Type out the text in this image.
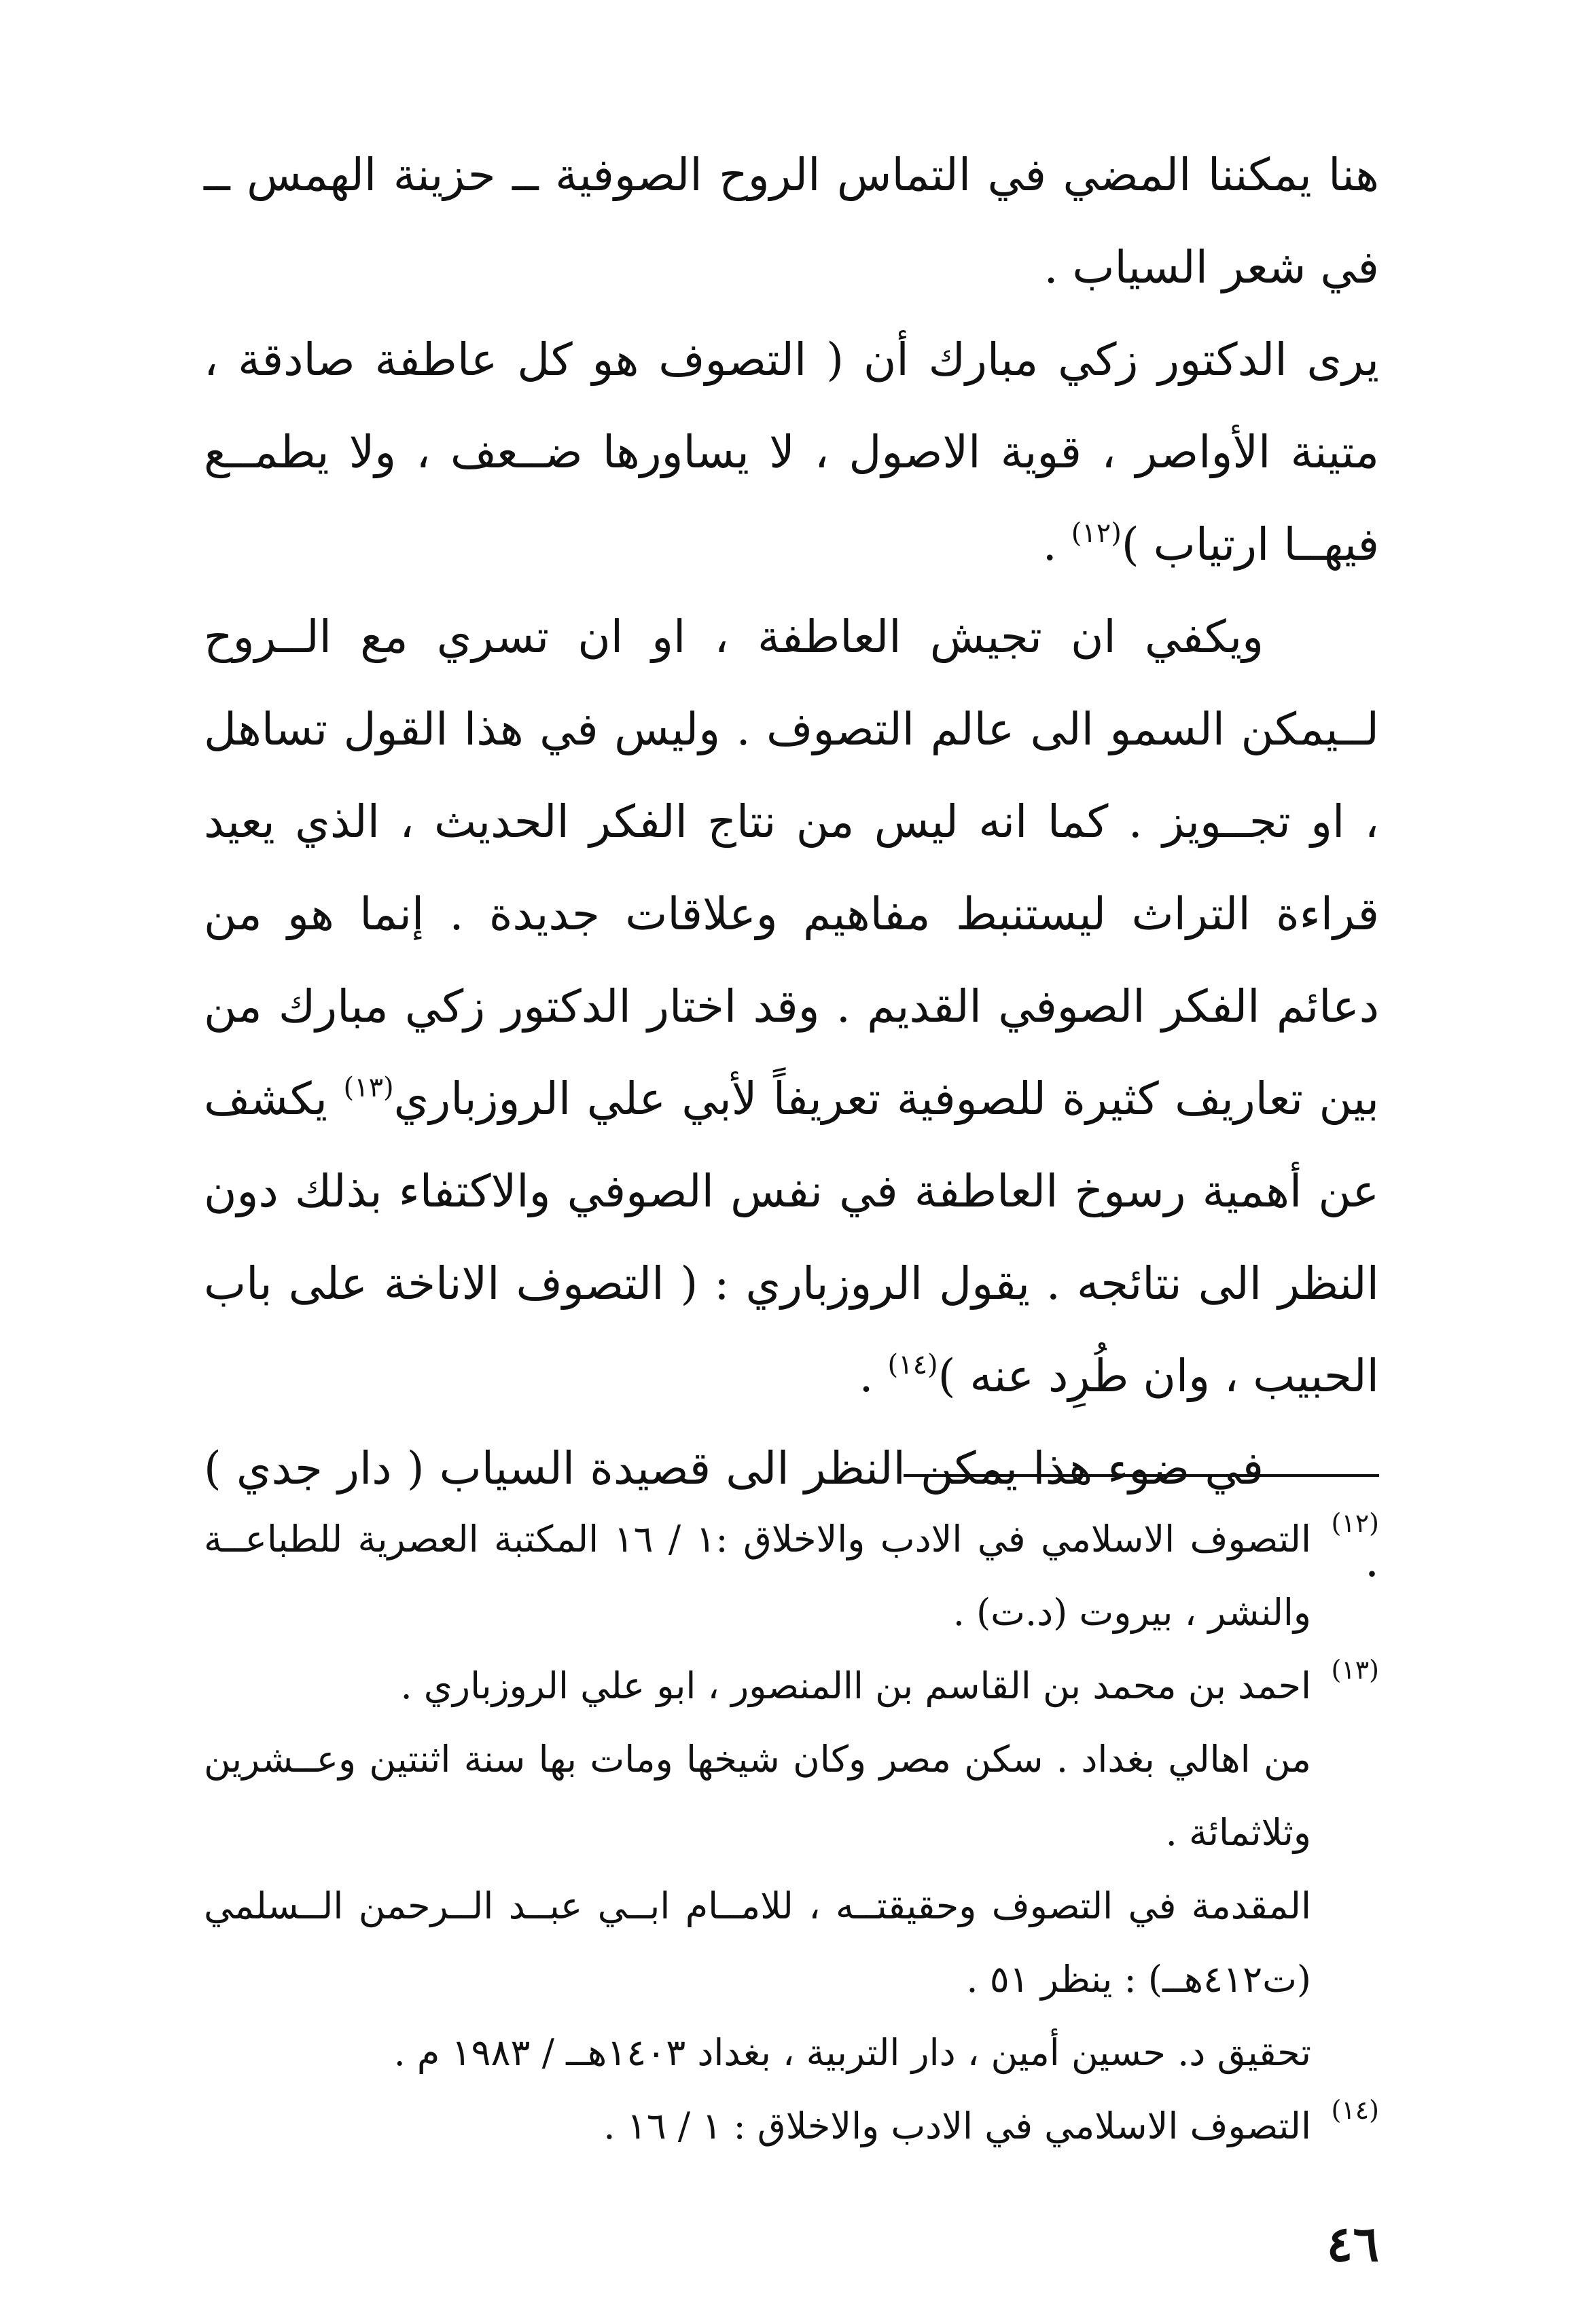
هنا يمكننا المضي في التماس الروح الصوفية ــ حزينة الهمس ــ في شعر السياب .

يرى الدكتور زكي مبارك أن ( التصوف هو كل عاطفة صادقة ، متينة الأواصر ، قوية الاصول ، لا يساورها ضــعف ، ولا يطمــع فيهــا ارتياب )$^{(١٢)}$ .

ويكفي ان تجيش العاطفة ، او ان تسري مع الــروح لــيمكن السمو الى عالم التصوف . وليس في هذا القول تساهل ، او تجــويز . كما انه ليس من نتاج الفكر الحديث ، الذي يعيد قراءة التراث ليستنبط مفاهيم وعلاقات جديدة . إنما هو من دعائم الفكر الصوفي القديم . وقد اختار الدكتور زكي مبارك من بين تعاريف كثيرة للصوفية تعريفاً لأبي علي الروزباري$^{(١٣)}$ يكشف عن أهمية رسوخ العاطفة في نفس الصوفي والاكتفاء بذلك دون النظر الى نتائجه . يقول الروزباري : ( التصوف الاناخة على باب الحبيب ، وان طُرِد عنه )$^{(١٤)}$ .

في ضوء هذا يمكن النظر الى قصيدة السياب ( دار جدي ) .

(١٢)

التصوف الاسلامي في الادب والاخلاق :١ / ١٦ المكتبة العصرية للطباعــة والنشر ، بيروت (د.ت) .

(١٣)

احمد بن محمد بن القاسم بن االمنصور ، ابو علي الروزباري .

من اهالي بغداد . سكن مصر وكان شيخها ومات بها سنة اثنتين وعــشرين وثلاثمائة .

المقدمة في التصوف وحقيقتــه ، للامــام ابــي عبــد الــرحمن الــسلمي (ت٤١٢هــ) : ينظر ٥١ .

تحقيق د. حسين أمين ، دار التربية ، بغداد ١٤٠٣هــ / ١٩٨٣ م .

(١٤)

التصوف الاسلامي في الادب والاخلاق : ١ / ١٦ .

٤٦
